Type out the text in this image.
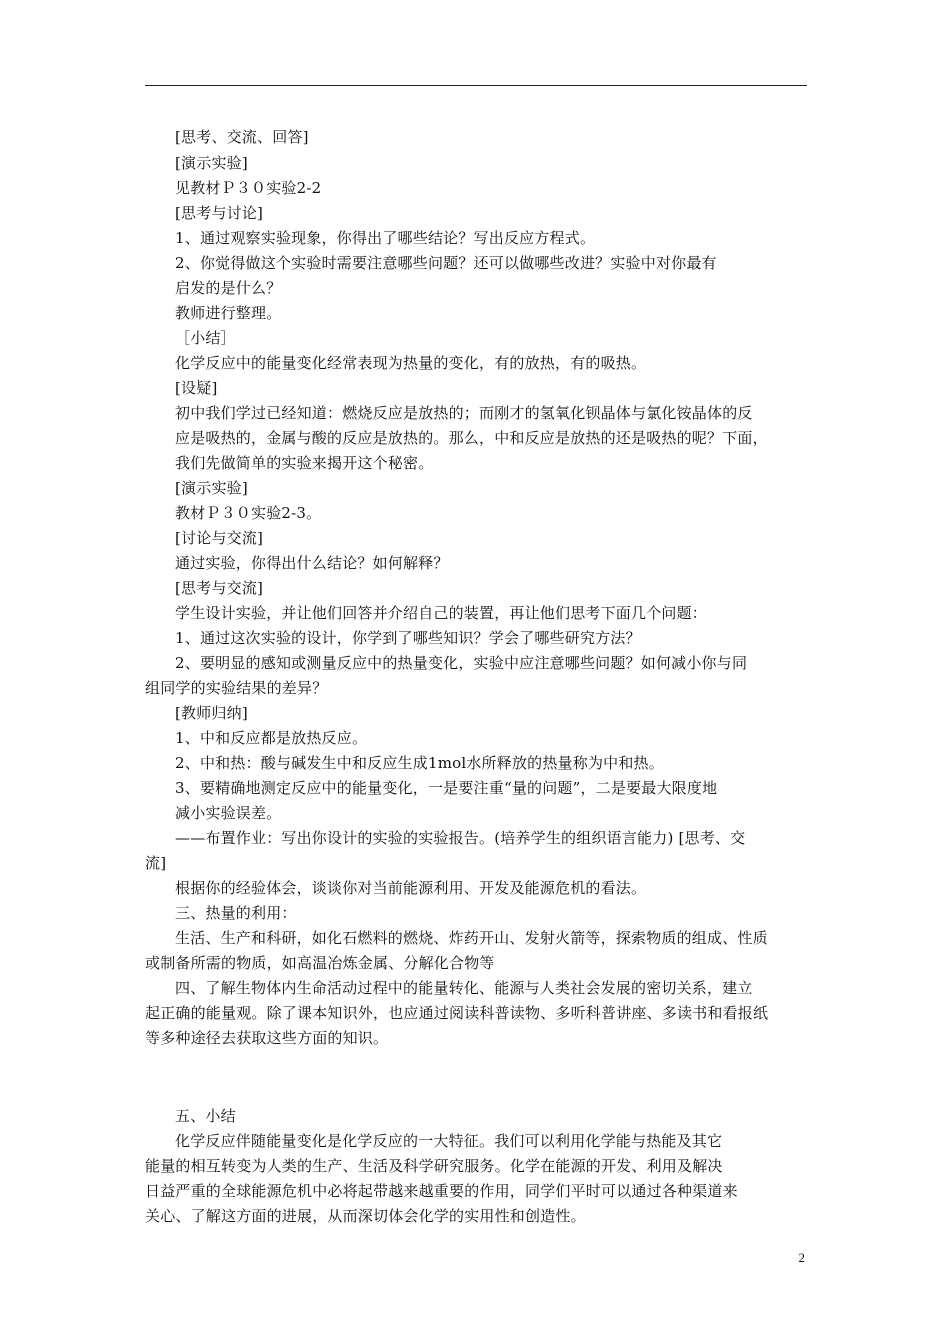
[思考、交流、回答]
[演示实验]
见教材Ｐ３０实验2-2
[思考与讨论]
1、通过观察实验现象，你得出了哪些结论？写出反应方程式。
2、你觉得做这个实验时需要注意哪些问题？还可以做哪些改进？实验中对你最有
启发的是什么？
教师进行整理。
［小结］
化学反应中的能量变化经常表现为热量的变化，有的放热，有的吸热。
[设疑]
初中我们学过已经知道：燃烧反应是放热的；而刚才的氢氧化钡晶体与氯化铵晶体的反
应是吸热的，金属与酸的反应是放热的。那么，中和反应是放热的还是吸热的呢？下面，
我们先做简单的实验来揭开这个秘密。
[演示实验]
教材Ｐ３０实验2-3。
[讨论与交流]
通过实验，你得出什么结论？如何解释？
[思考与交流]
学生设计实验，并让他们回答并介绍自己的装置，再让他们思考下面几个问题：
1、通过这次实验的设计，你学到了哪些知识？学会了哪些研究方法？
2、要明显的感知或测量反应中的热量变化，实验中应注意哪些问题？如何减小你与同
组同学的实验结果的差异？
[教师归纳]
1、中和反应都是放热反应。
2、中和热：酸与碱发生中和反应生成1mol水所释放的热量称为中和热。
3、要精确地测定反应中的能量变化，一是要注重“量的问题”，二是要最大限度地
减小实验误差。
——布置作业：写出你设计的实验的实验报告。(培养学生的组织语言能力) [思考、交
流]
根据你的经验体会，谈谈你对当前能源利用、开发及能源危机的看法。
三、热量的利用：
生活、生产和科研，如化石燃料的燃烧、炸药开山、发射火箭等，探索物质的组成、性质
或制备所需的物质，如高温冶炼金属、分解化合物等
四、了解生物体内生命活动过程中的能量转化、能源与人类社会发展的密切关系，建立
起正确的能量观。除了课本知识外，也应通过阅读科普读物、多听科普讲座、多读书和看报纸
等多种途径去获取这些方面的知识。
五、小结
化学反应伴随能量变化是化学反应的一大特征。我们可以利用化学能与热能及其它
能量的相互转变为人类的生产、生活及科学研究服务。化学在能源的开发、利用及解决
日益严重的全球能源危机中必将起带越来越重要的作用，同学们平时可以通过各种渠道来
关心、了解这方面的进展，从而深切体会化学的实用性和创造性。
2
